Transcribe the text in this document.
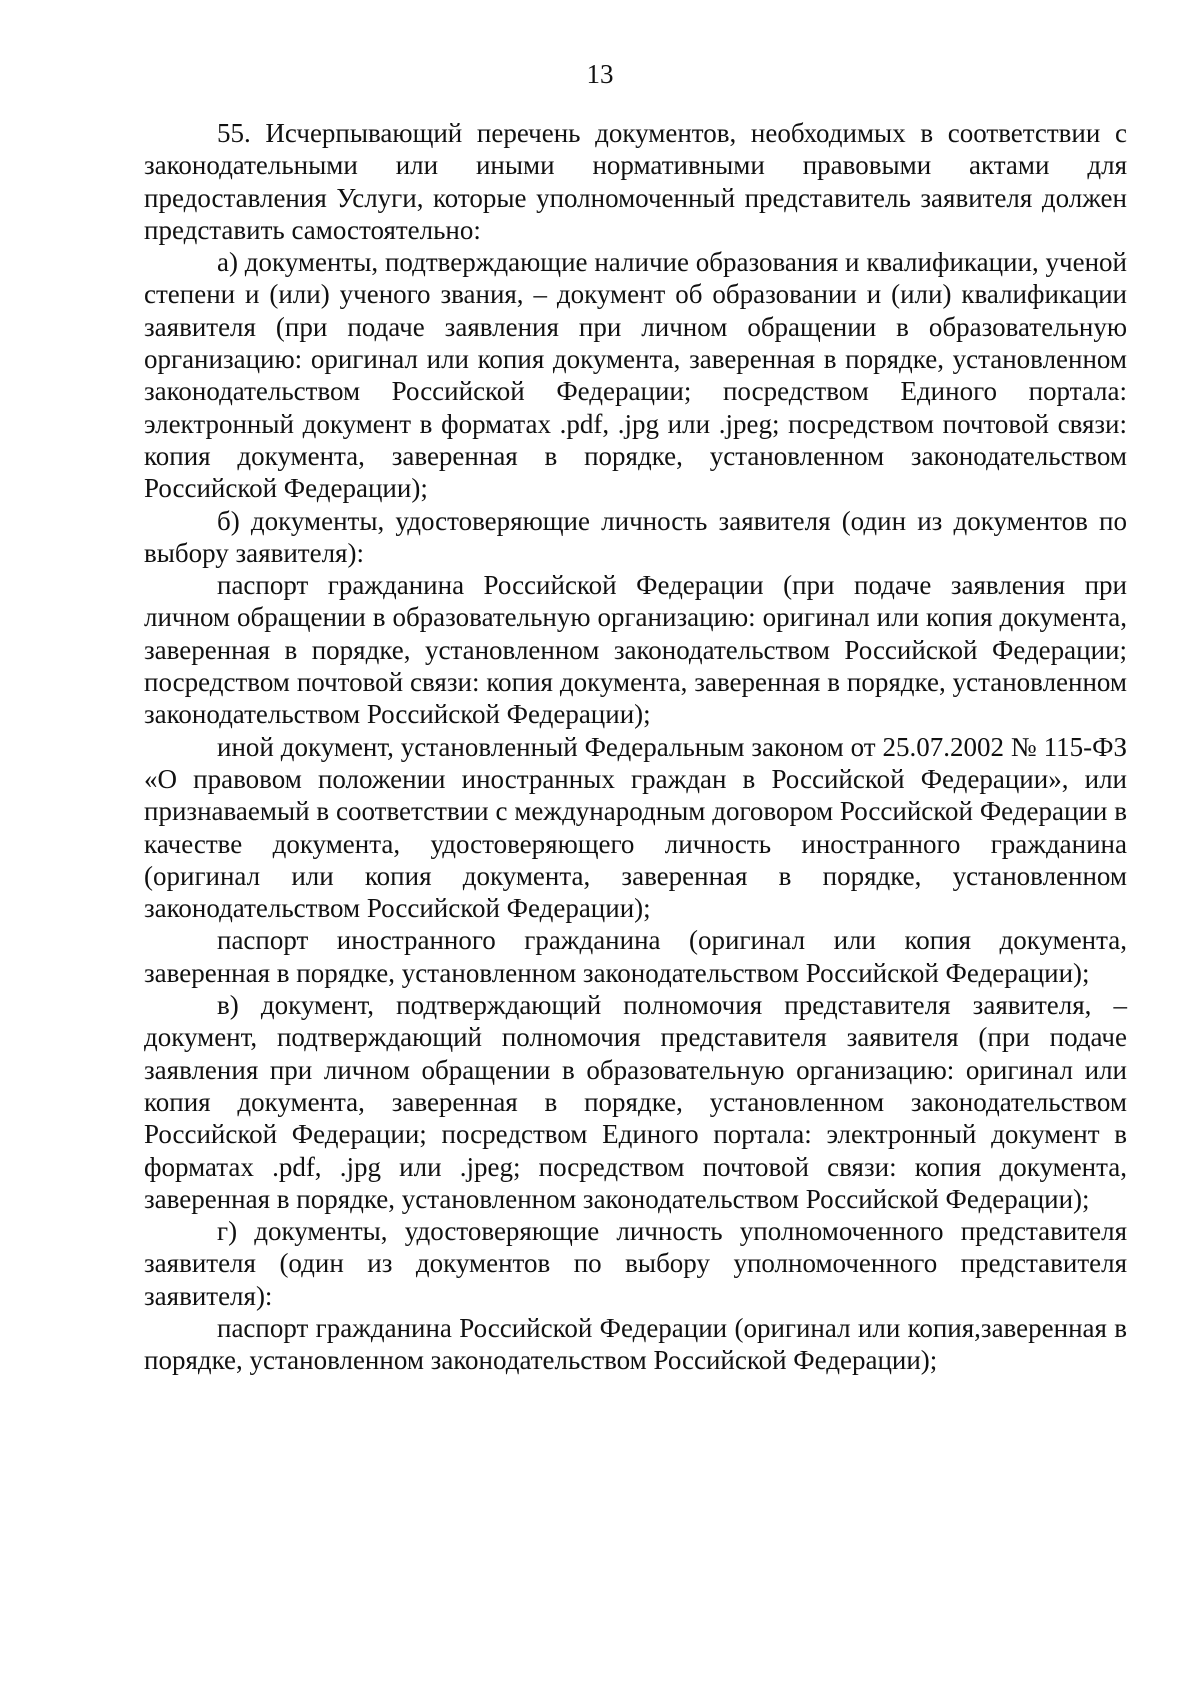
13

55. Исчерпывающий перечень документов, необходимых в соответствии с законодательными или иными нормативными правовыми актами для предоставления Услуги, которые уполномоченный представитель заявителя должен представить самостоятельно:

а) документы, подтверждающие наличие образования и квалификации, ученой степени и (или) ученого звания, – документ об образовании и (или) квалификации заявителя (при подаче заявления при личном обращении в образовательную организацию: оригинал или копия документа, заверенная в порядке, установленном законодательством Российской Федерации; посредством Единого портала: электронный документ в форматах .pdf, .jpg или .jpeg; посредством почтовой связи: копия документа, заверенная в порядке, установленном законодательством Российской Федерации);

б) документы, удостоверяющие личность заявителя (один из документов по выбору заявителя):

паспорт гражданина Российской Федерации (при подаче заявления при личном обращении в образовательную организацию: оригинал или копия документа, заверенная в порядке, установленном законодательством Российской Федерации; посредством почтовой связи: копия документа, заверенная в порядке, установленном законодательством Российской Федерации);

иной документ, установленный Федеральным законом от 25.07.2002 № 115-ФЗ «О правовом положении иностранных граждан в Российской Федерации», или признаваемый в соответствии с международным договором Российской Федерации в качестве документа, удостоверяющего личность иностранного гражданина (оригинал или копия документа, заверенная в порядке, установленном законодательством Российской Федерации);

паспорт иностранного гражданина (оригинал или копия документа, заверенная в порядке, установленном законодательством Российской Федерации);

в) документ, подтверждающий полномочия представителя заявителя, – документ, подтверждающий полномочия представителя заявителя (при подаче заявления при личном обращении в образовательную организацию: оригинал или копия документа, заверенная в порядке, установленном законодательством Российской Федерации; посредством Единого портала: электронный документ в форматах .pdf, .jpg или .jpeg; посредством почтовой связи: копия документа, заверенная в порядке, установленном законодательством Российской Федерации);

г) документы, удостоверяющие личность уполномоченного представителя заявителя (один из документов по выбору уполномоченного представителя заявителя):

паспорт гражданина Российской Федерации (оригинал или копия,заверенная в порядке, установленном законодательством Российской Федерации);
